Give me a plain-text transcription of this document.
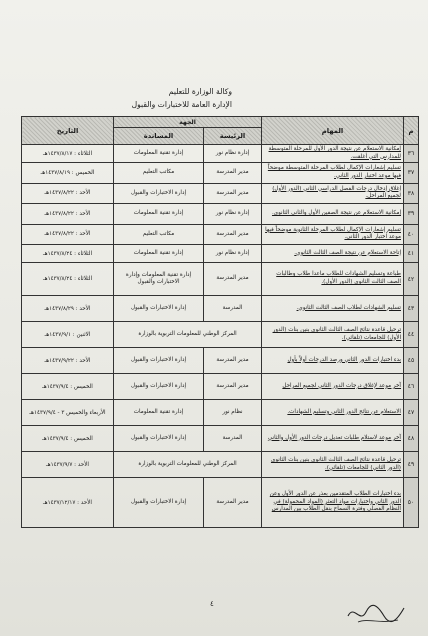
وكالة الوزارة للتعليم
الإدارة العامة للاختبارات والقبول
م	المهام	الجهة		التاريخ
		الرئيسة	المساندة	
٣٦	إمكانية الاستعلام عن نتيجة الدور الأول للمرحلة المتوسطة للمدارس التي أغلقت.	إدارة نظام نور	إدارة تقنية المعلومات	الثلاثاء : ١٤٣٧/٨/١٧هـ
٣٧	تسليم إشعارات الإكمال لطلاب المرحلة المتوسطة موضحاً فيها موعد اختبار الدور الثاني.	مدير المدرسة	مكاتب التعليم	الخميس : ١٤٣٧/٨/١٩هـ
٣٨	إغلاق إدخال درجات الفصل الدراسي الثاني (الدور الأول) لجميع المراحل.	مدير المدرسة	إدارة الاختبارات والقبول	الأحد : ١٤٣٧/٨/٢٢هـ
٣٩	إمكانية الاستعلام عن نتيجة الصفين الأول والثاني الثانوي.	إدارة نظام نور	إدارة تقنية المعلومات	الأحد : ١٤٣٧/٨/٢٢هـ
٤٠	تسليم إشعارات الإكمال لطلاب المرحلة الثانوية موضحاً فيها موعد اختبار الدور الثاني.	مدير المدرسة	مكاتب التعليم	الأحد : ١٤٣٧/٨/٢٢هـ
٤١	إتاحة الاستعلام عن نتيجة الصف الثالث الثانوي.	إدارة نظام نور	إدارة تقنية المعلومات	الثلاثاء : ١٤٣٧/٨/٢٤هـ
٤٢	طباعة وتسليم الشهادات للطلاب ماعدا طلاب وطالبات الصف الثالث الثانوي (الدور الأول).	مدير المدرسة	إدارة تقنية المعلومات وإدارة الاختبارات والقبول	الثلاثاء : ١٤٣٧/٨/٢٤هـ
٤٣	تسليم الشهادات لطلاب الصف الثالث الثانوي.	المدرسة	إدارة الاختبارات والقبول	الأحد : ١٤٣٧/٨/٢٩هـ
٤٤	ترحيل قاعدة نتائج الصف الثالث الثانوي بنين بنات (الدور الأول) للجامعات (تلقائي).	المركز الوطني للمعلومات التربوية بالوزارة		الاثنين : ١٤٣٧/٩/١هـ
٤٥	بدء اختبارات الدور الثاني ورصد الدرجات أولاً بأول	مدير المدرسة	إدارة الاختبارات والقبول	الأحد : ١٤٣٧/٩/٢٢هـ
٤٦	آخر موعد لإغلاق درجات الدور الثاني لجميع المراحل	مدير المدرسة	إدارة الاختبارات والقبول	الخميس : ١٤٣٧/٩/٤هـ
٤٧	الاستعلام عن نتائج الدور الثاني وتسليم الشهادات.	نظام نور	إدارة تقنية المعلومات	الأربعاء والخميس ٣ - ١٤٣٧/٩/٤هـ
٤٨	آخر موعد لاستلام طلبات تعديل درجات الدور الأول والثاني	المدرسة	إدارة الاختبارات والقبول	الخميس : ١٤٣٧/٩/٤هـ
٤٩	ترحيل قاعدة نتائج الصف الثالث الثانوي بنين بنات الثانوي (الدور الثاني) للجامعات (تلقائي).	المركز الوطني للمعلومات التربوية بالوزارة		الأحد : ١٤٣٧/٩/٧هـ
٥٠	بدء اختبارات الطلاب المتقدمين بعذر عن الدور الأول وعن الدور الثاني واختبارات مواد التعثر (المواد المحمولة) في النظام الفصلي وفترة السماح بنقل الطلاب بين المدارس	مدير المدرسة	إدارة الاختبارات والقبول	الأحد : ١٤٣٧/١٢/١٧هـ
٤
